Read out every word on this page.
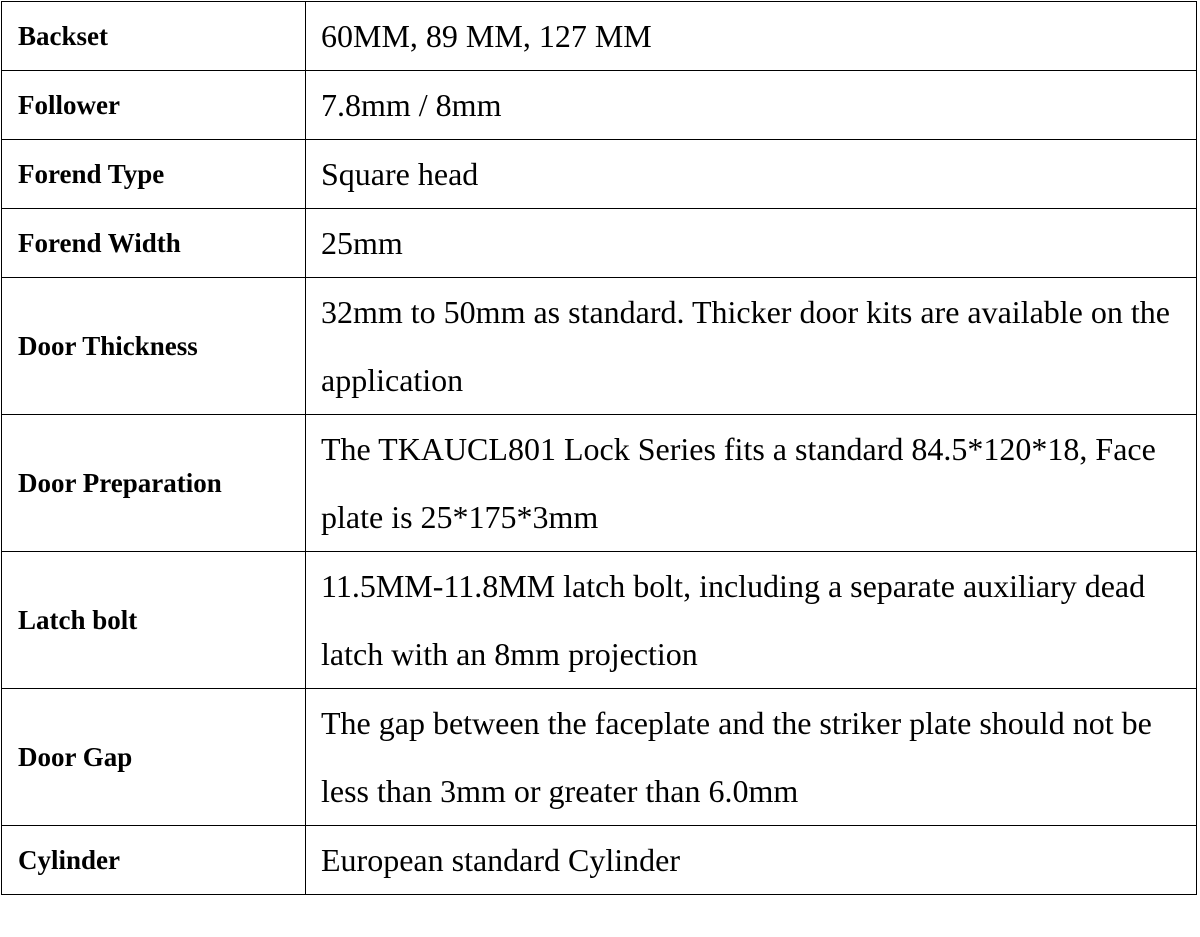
Backset	60MM, 89 MM, 127 MM
Follower	7.8mm / 8mm
Forend Type	Square head
Forend Width	25mm
Door Thickness	32mm to 50mm as standard. Thicker door kits are available on the application
Door Preparation	The TKAUCL801 Lock Series fits a standard 84.5*120*18, Face plate is 25*175*3mm
Latch bolt	11.5MM-11.8MM latch bolt, including a separate auxiliary dead latch with an 8mm projection
Door Gap	The gap between the faceplate and the striker plate should not be less than 3mm or greater than 6.0mm
Cylinder	European standard Cylinder
